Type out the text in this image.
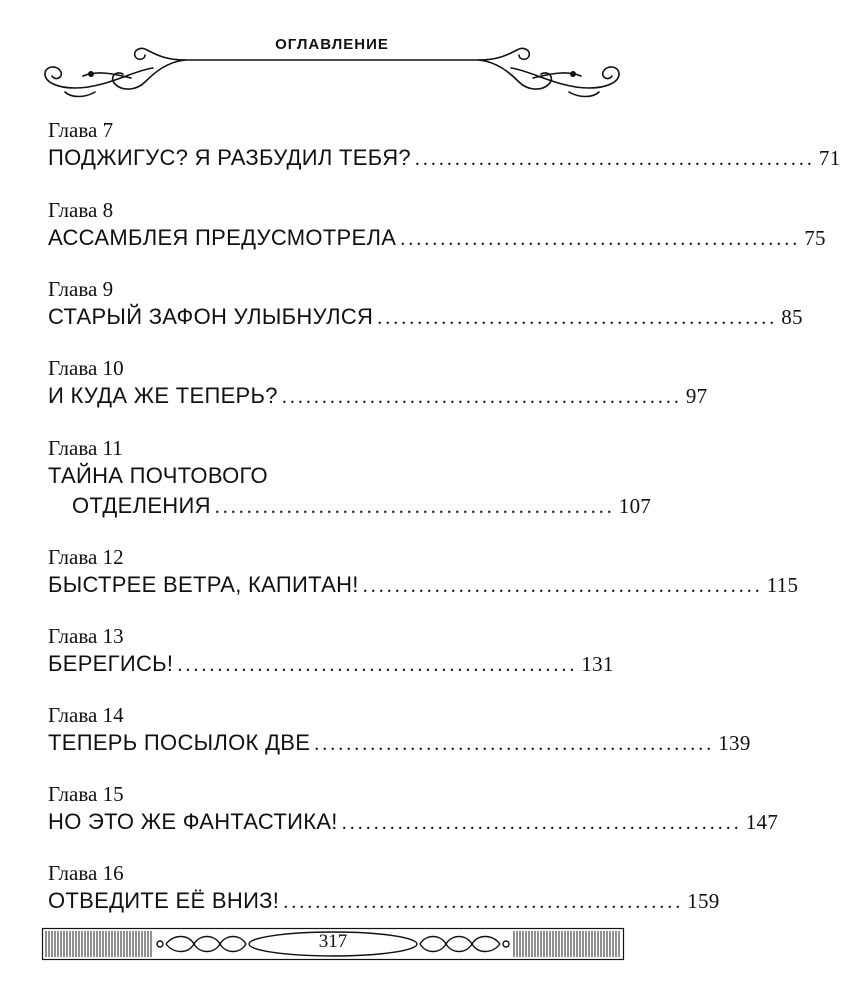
ОГЛАВЛЕНИЕ
Глава 7
ПОДЖИГУС? Я РАЗБУДИЛ ТЕБЯ? .................................................. 71
Глава 8
АССАМБЛЕЯ ПРЕДУСМОТРЕЛА .................................................. 75
Глава 9
СТАРЫЙ ЗАФОН УЛЫБНУЛСЯ .................................................. 85
Глава 10
И КУДА ЖЕ ТЕПЕРЬ? .................................................. 97
Глава 11
ТАЙНА ПОЧТОВОГО
ОТДЕЛЕНИЯ .................................................. 107
Глава 12
БЫСТРЕЕ ВЕТРА, КАПИТАН! .................................................. 115
Глава 13
БЕРЕГИСЬ! .................................................. 131
Глава 14
ТЕПЕРЬ ПОСЫЛОК ДВЕ .................................................. 139
Глава 15
НО ЭТО ЖЕ ФАНТАСТИКА! .................................................. 147
Глава 16
ОТВЕДИТЕ ЕЁ ВНИЗ! .................................................. 159
317
